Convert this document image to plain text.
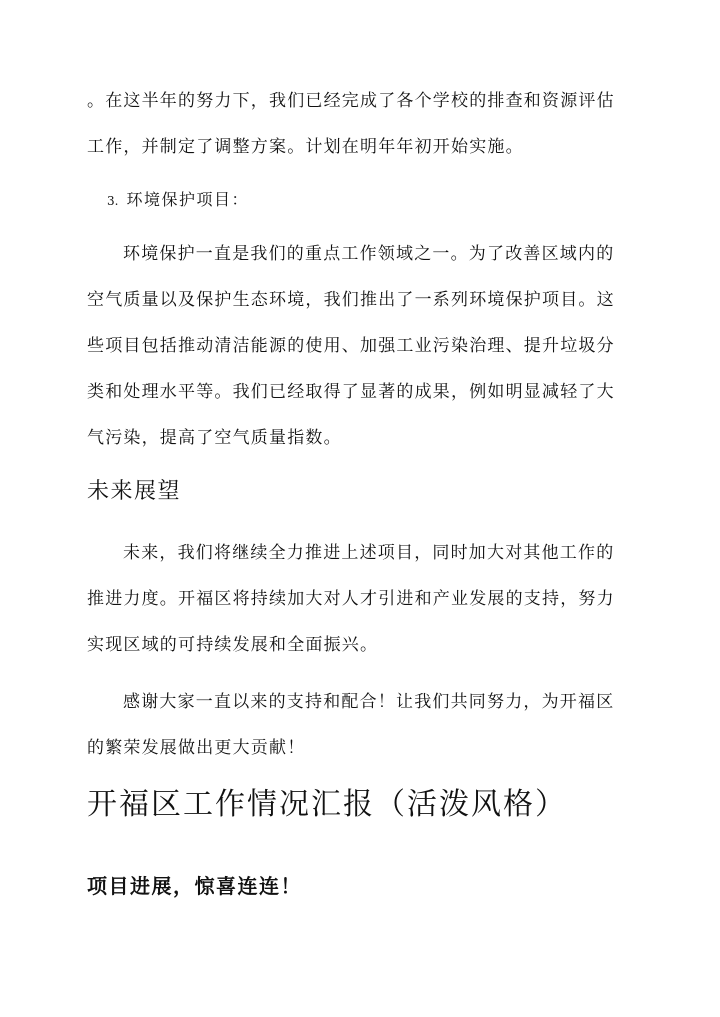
。在这半年的努力下，我们已经完成了各个学校的排查和资源评估
工作，并制定了调整方案。计划在明年年初开始实施。

3. 环境保护项目：

环境保护一直是我们的重点工作领域之一。为了改善区域内的
空气质量以及保护生态环境，我们推出了一系列环境保护项目。这
些项目包括推动清洁能源的使用、加强工业污染治理、提升垃圾分
类和处理水平等。我们已经取得了显著的成果，例如明显减轻了大
气污染，提高了空气质量指数。

未来展望

未来，我们将继续全力推进上述项目，同时加大对其他工作的
推进力度。开福区将持续加大对人才引进和产业发展的支持，努力
实现区域的可持续发展和全面振兴。

感谢大家一直以来的支持和配合！让我们共同努力，为开福区
的繁荣发展做出更大贡献！

开福区工作情况汇报（活泼风格）
项目进展，惊喜连连！
